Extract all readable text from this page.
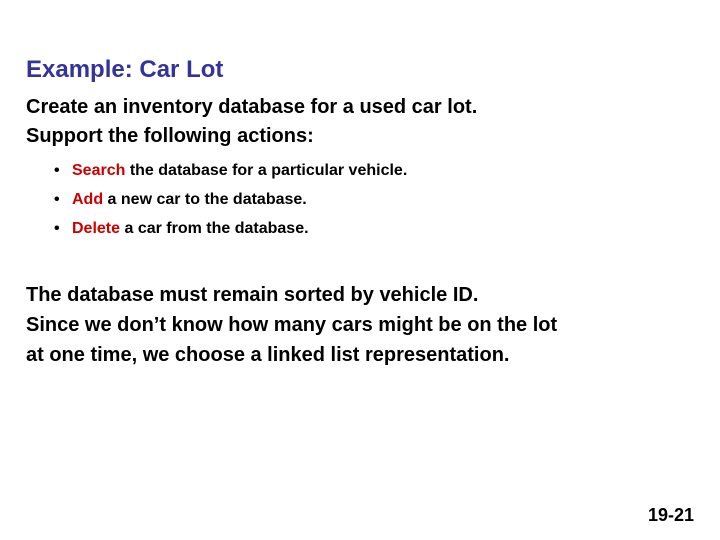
Example: Car Lot
Create an inventory database for a used car lot.
Support the following actions:
• Search the database for a particular vehicle.
• Add a new car to the database.
• Delete a car from the database.
The database must remain sorted by vehicle ID.
Since we don’t know how many cars might be on the lot
at one time, we choose a linked list representation.
19-21
